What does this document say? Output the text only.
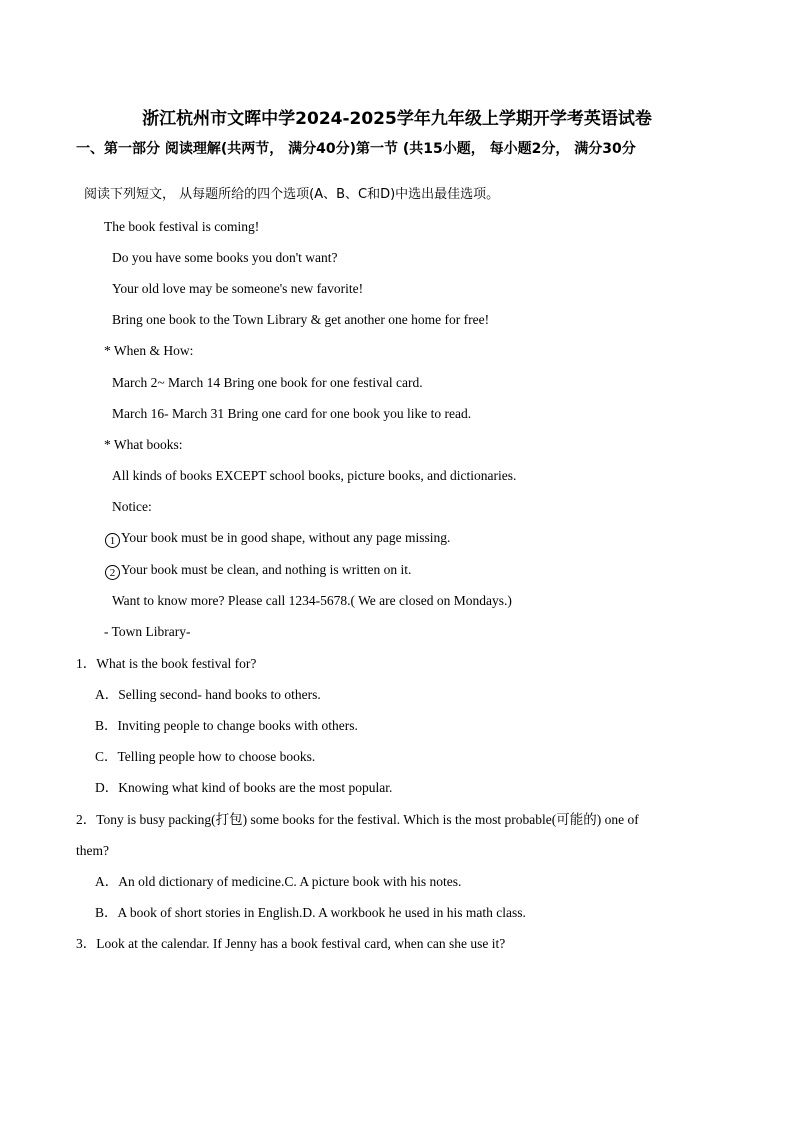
浙江杭州市文晖中学2024-2025学年九年级上学期开学考英语试卷
一、第一部分 阅读理解(共两节， 满分40分)第一节 (共15小题， 每小题2分， 满分30分
阅读下列短文， 从每题所给的四个选项(A、B、C和D)中选出最佳选项。
The book festival is coming!
Do you have some books you don't want?
Your old love may be someone's new favorite!
Bring one book to the Town Library & get another one home for free!
* When & How:
March 2~ March 14 Bring one book for one festival card.
March 16- March 31 Bring one card for one book you like to read.
* What books:
All kinds of books EXCEPT school books, picture books, and dictionaries.
Notice:
1 Your book must be in good shape, without any page missing.
2 Your book must be clean, and nothing is written on it.
Want to know more? Please call 1234-5678.( We are closed on Mondays.)
- Town Library-
1．What is the book festival for?
A．Selling second- hand books to others.
B．Inviting people to change books with others.
C．Telling people how to choose books.
D．Knowing what kind of books are the most popular.
2．Tony is busy packing(打包) some books for the festival. Which is the most probable(可能的) one of
them?
A．An old dictionary of medicine.C. A picture book with his notes.
B．A book of short stories in English.D. A workbook he used in his math class.
3．Look at the calendar. If Jenny has a book festival card, when can she use it?
